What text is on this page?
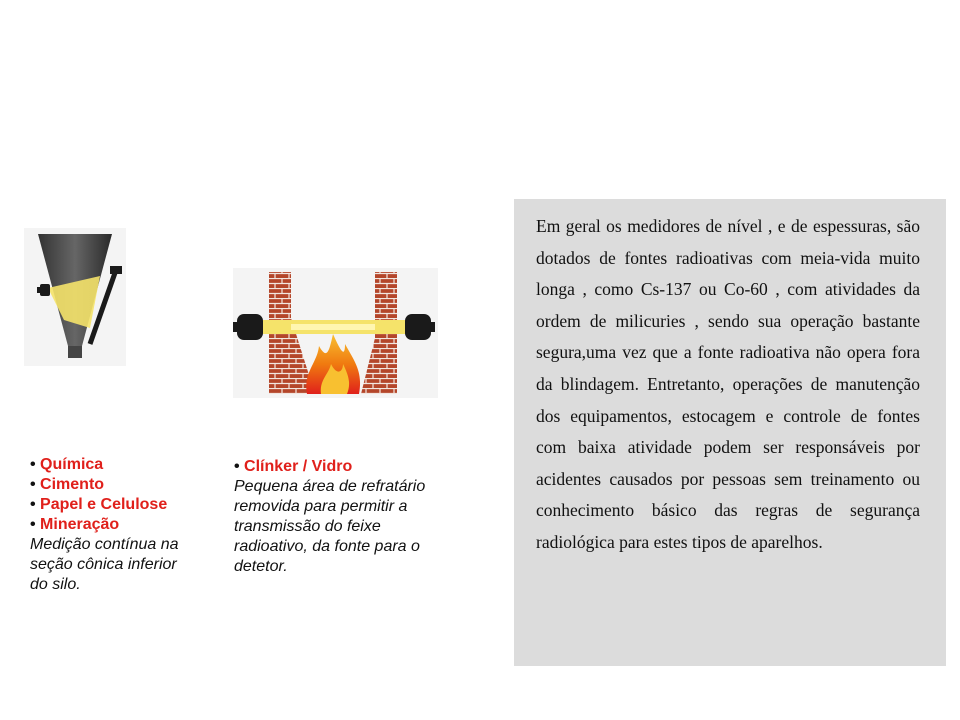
• Química
• Cimento
• Papel e Celulose
• Mineração

Medição contínua na seção cônica inferior do silo.

• Clínker / Vidro

Pequena área de refratário removida para permitir a transmissão do feixe radioativo, da fonte para o detetor.

Em geral os medidores de nível , e de espessuras, são dotados de fontes radioativas com meia-vida muito longa , como Cs-137 ou Co-60 , com atividades da ordem de milicuries , sendo sua operação bastante segura,uma vez que a fonte radioativa não opera fora da blindagem. Entretanto, operações de manutenção dos equipamentos, estocagem e controle de fontes com baixa atividade podem ser responsáveis por acidentes causados por pessoas sem treinamento ou conhecimento básico das regras de segurança radiológica para estes tipos de aparelhos.
